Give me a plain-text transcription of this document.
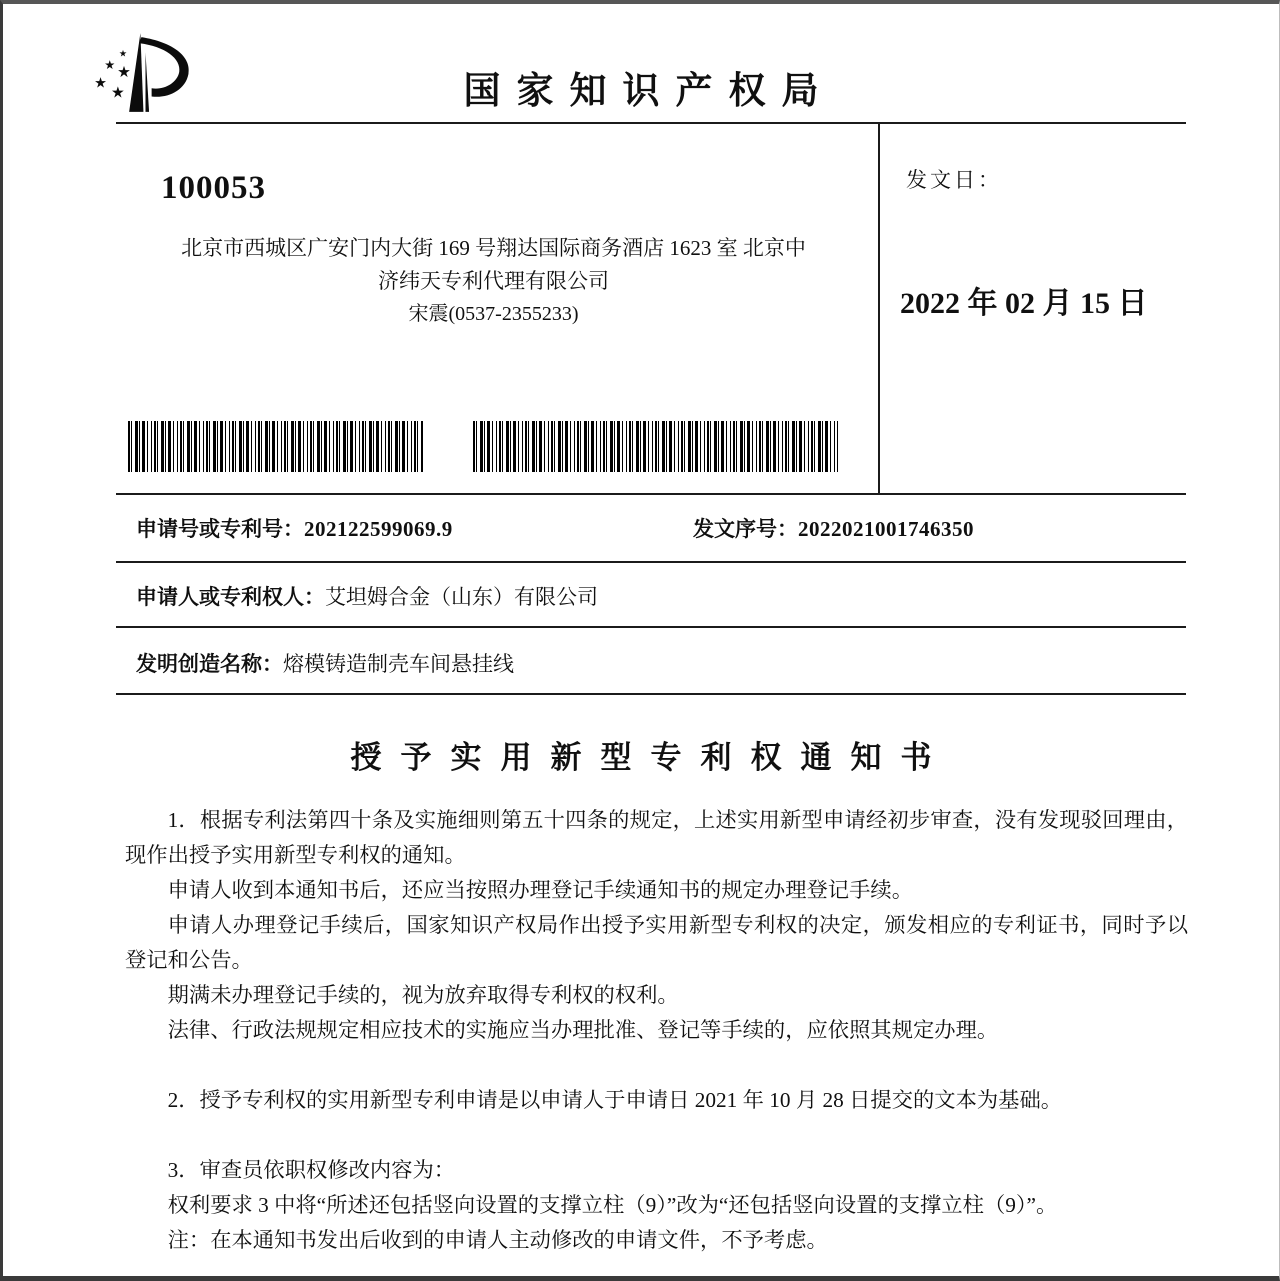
★
★ ★
★
★	国家知识产权局
100053
北京市西城区广安门内大街 169 号翔达国际商务酒店 1623 室 北京中
济纬天专利代理有限公司
宋震(0537-2355233)
发文日：
2022 年 02 月 15 日
申请号或专利号：202122599069.9	发文序号：2022021001746350
申请人或专利权人：艾坦姆合金（山东）有限公司
发明创造名称：熔模铸造制壳车间悬挂线
授予实用新型专利权通知书

1．根据专利法第四十条及实施细则第五十四条的规定，上述实用新型申请经初步审查，没有发现驳回理由，现作出授予实用新型专利权的通知。

申请人收到本通知书后，还应当按照办理登记手续通知书的规定办理登记手续。

申请人办理登记手续后，国家知识产权局作出授予实用新型专利权的决定，颁发相应的专利证书，同时予以登记和公告。

期满未办理登记手续的，视为放弃取得专利权的权利。

法律、行政法规规定相应技术的实施应当办理批准、登记等手续的，应依照其规定办理。

2．授予专利权的实用新型专利申请是以申请人于申请日 2021 年 10 月 28 日提交的文本为基础。

3．审查员依职权修改内容为：

权利要求 3 中将“所述还包括竖向设置的支撑立柱（9）”改为“还包括竖向设置的支撑立柱（9）”。

注：在本通知书发出后收到的申请人主动修改的申请文件，不予考虑。
